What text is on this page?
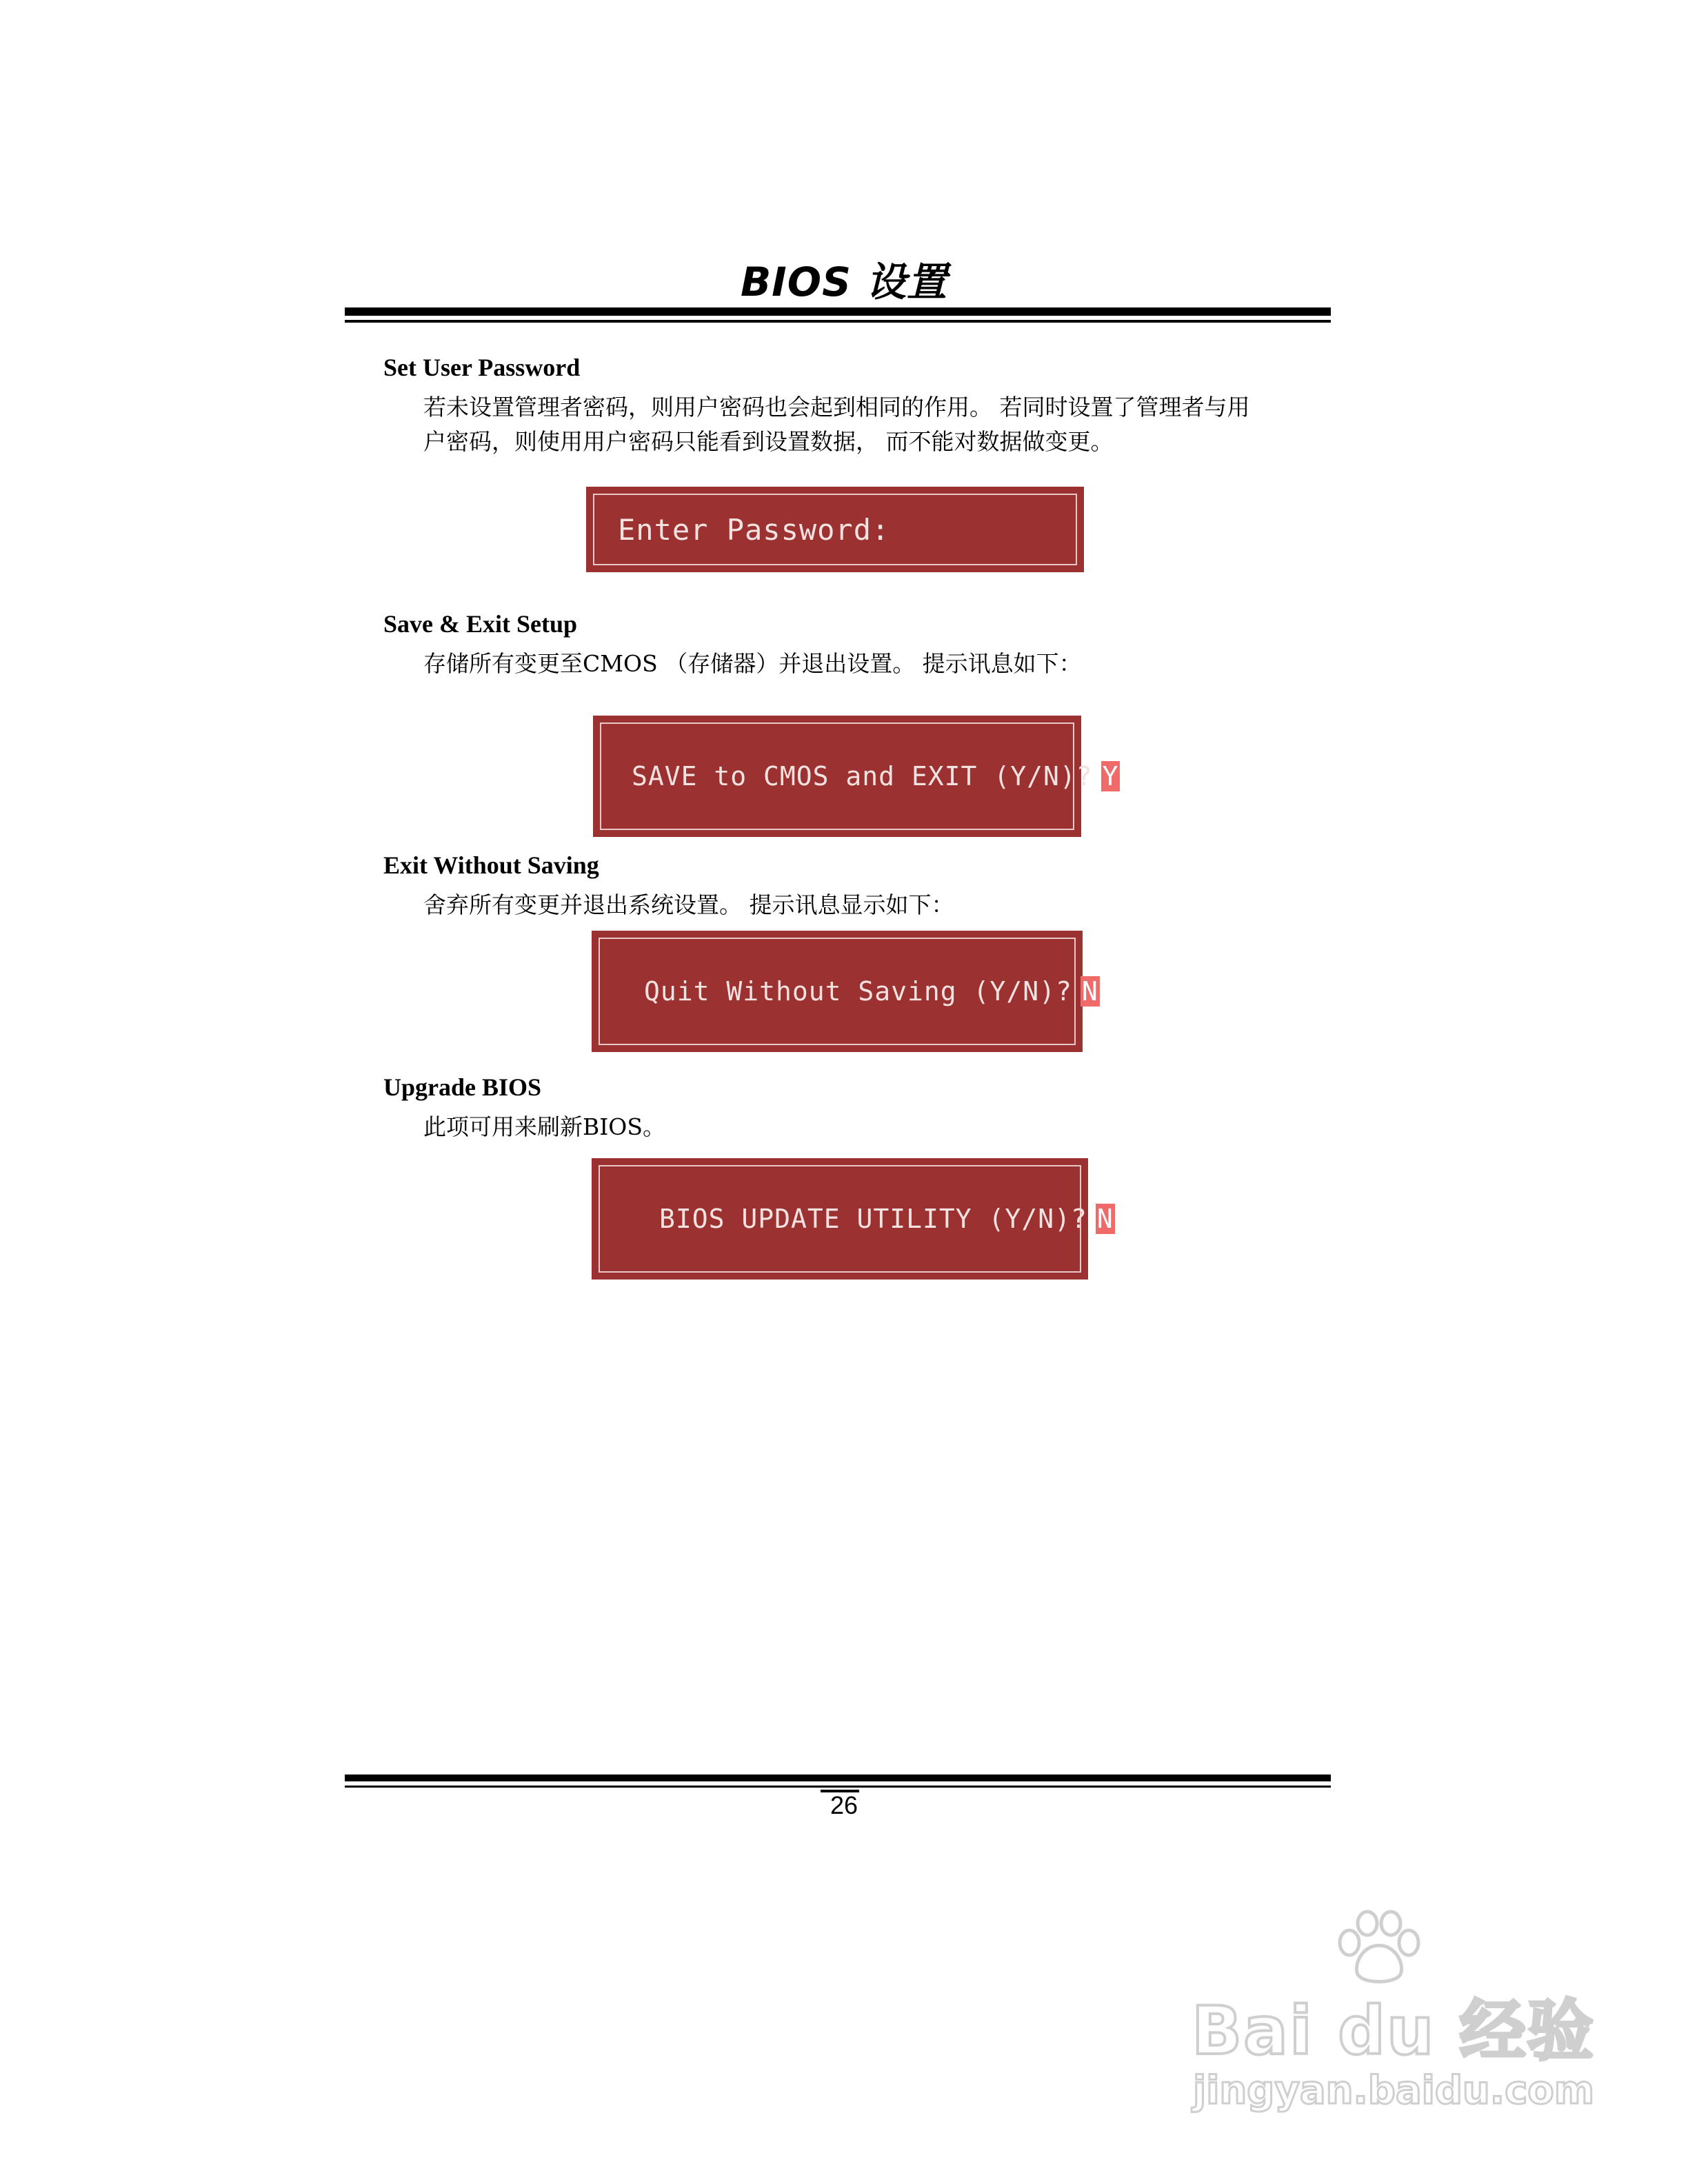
BIOS 设置
Set User Password

若未设置管理者密码，则用户密码也会起到相同的作用。 若同时设置了管理者与用
户密码，则使用用户密码只能看到设置数据， 而不能对数据做变更。

Enter Password:
Save & Exit Setup

存储所有变更至CMOS （存储器）并退出设置。 提示讯息如下：

SAVE to CMOS and EXIT (Y/N)? Y
Exit Without Saving

舍弃所有变更并退出系统设置。 提示讯息显示如下：

Quit Without Saving (Y/N)? N
Upgrade BIOS

此项可用来刷新BIOS。

BIOS UPDATE UTILITY (Y/N)? N
26
Bai du 经验
jingyan.baidu.com
